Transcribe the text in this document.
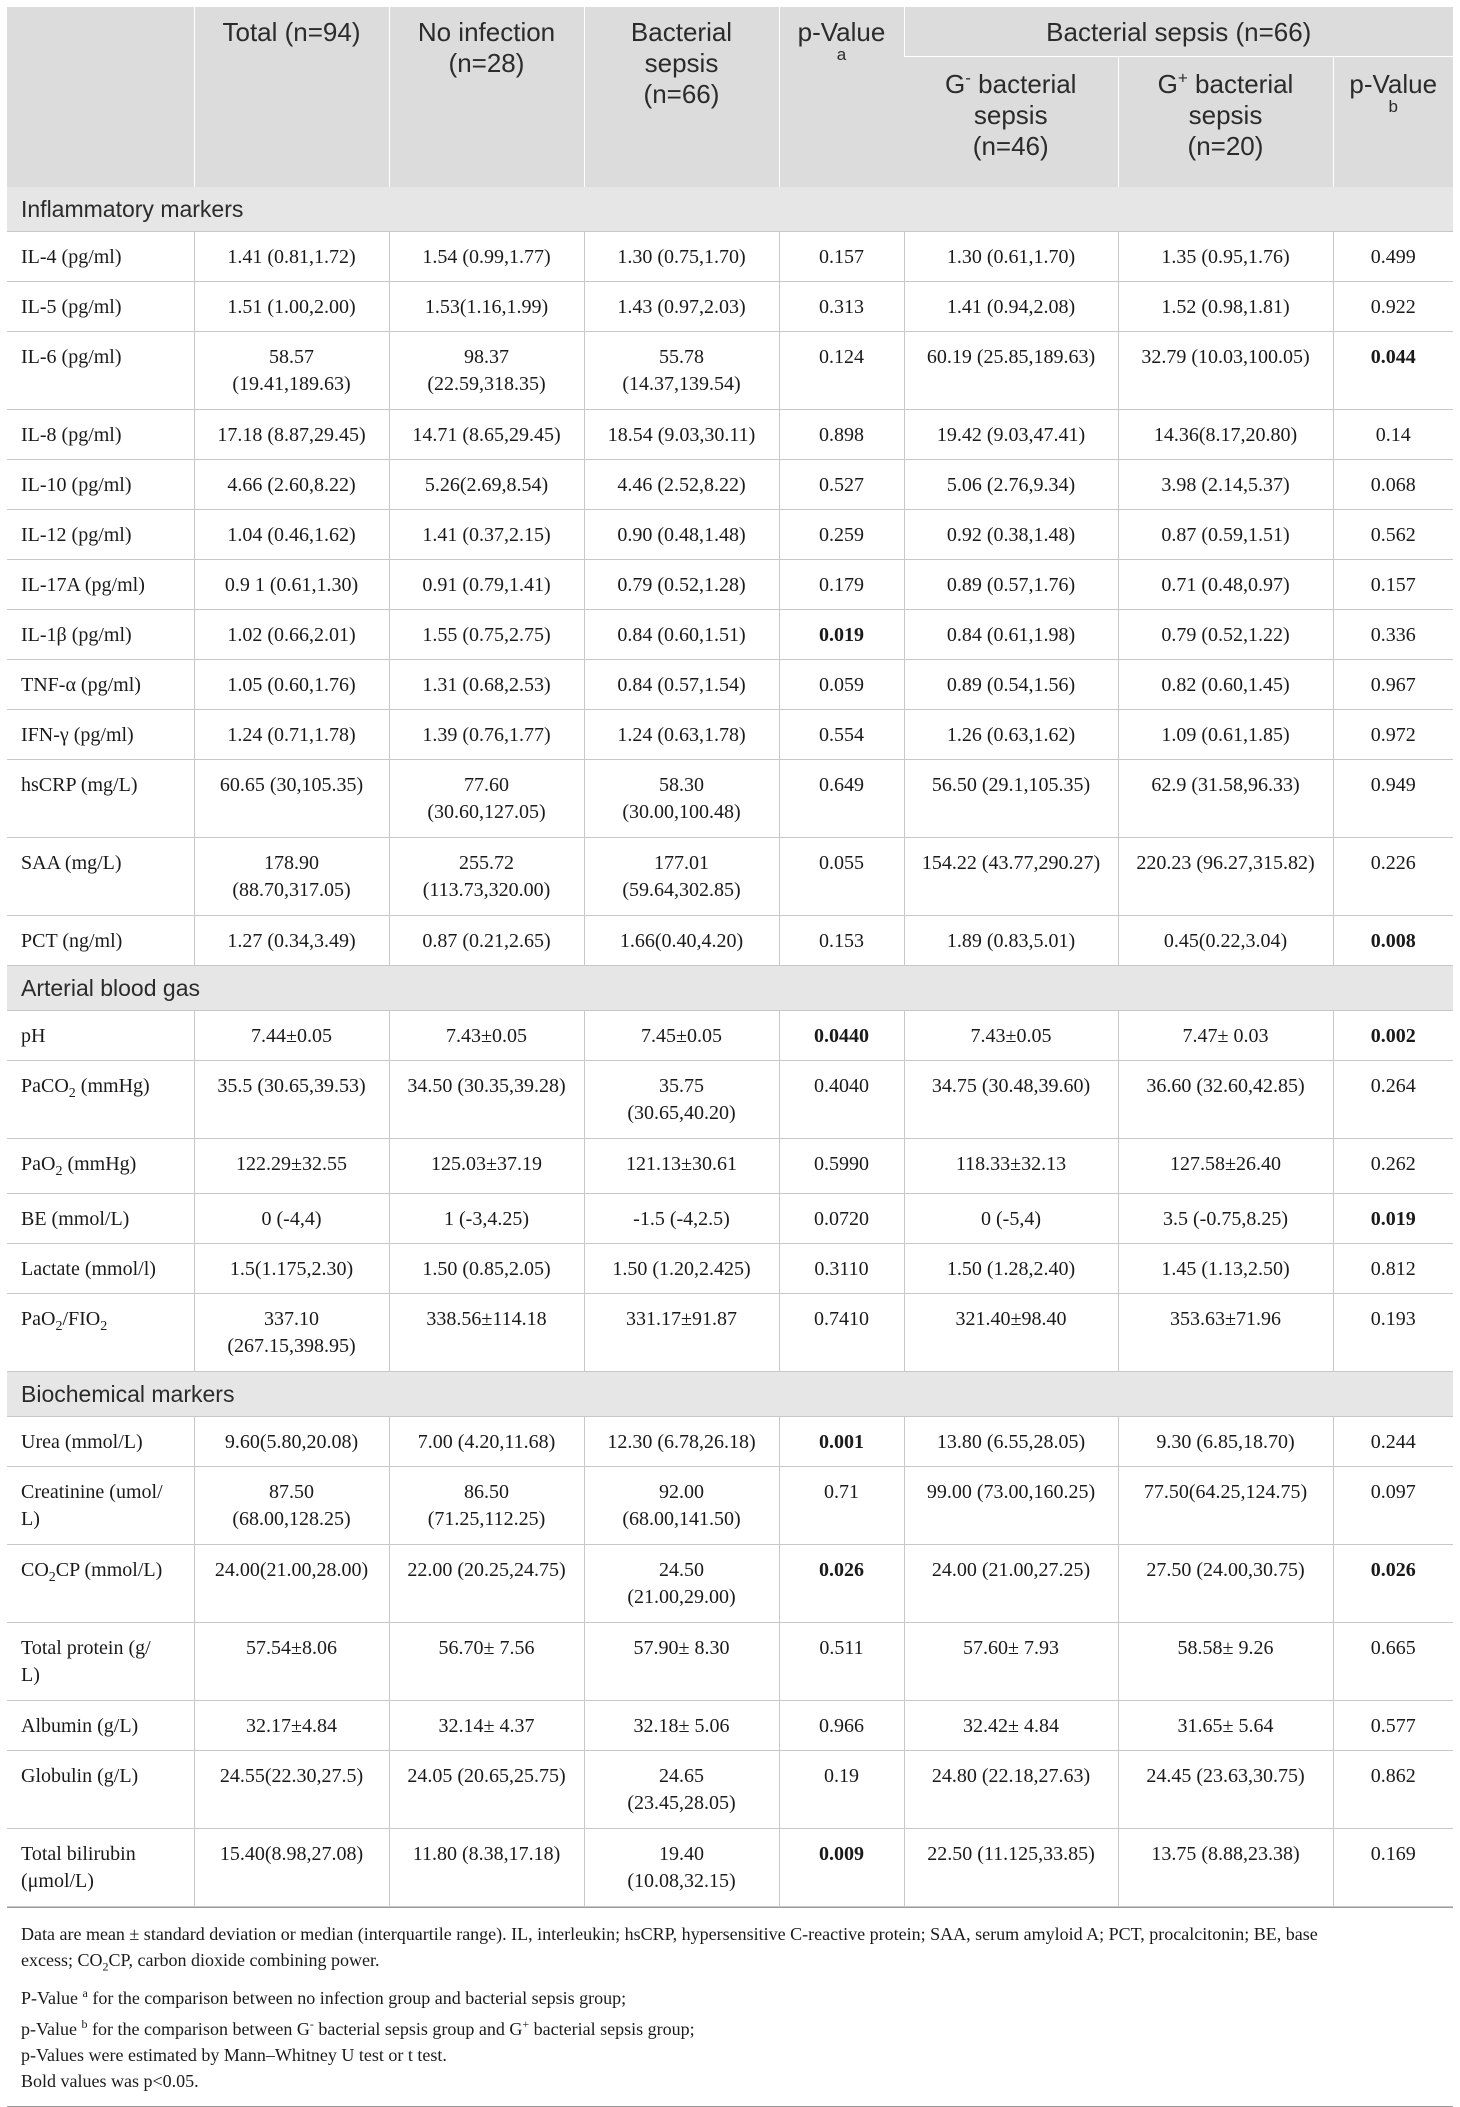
	Total (n=94)	No infection
(n=28)	Bacterial
sepsis
(n=66)	p-Value
a	Bacterial sepsis (n=66)		

					G- bacterial
sepsis
(n=46)	G+ bacterial
sepsis
(n=20)	p-Value
b

Inflammatory markers							
IL-4 (pg/ml)	1.41 (0.81,1.72)	1.54 (0.99,1.77)	1.30 (0.75,1.70)	0.157	1.30 (0.61,1.70)	1.35 (0.95,1.76)	0.499
IL-5 (pg/ml)	1.51 (1.00,2.00)	1.53(1.16,1.99)	1.43 (0.97,2.03)	0.313	1.41 (0.94,2.08)	1.52 (0.98,1.81)	0.922
IL-6 (pg/ml)	58.57
(19.41,189.63)	98.37
(22.59,318.35)	55.78
(14.37,139.54)	0.124	60.19 (25.85,189.63)	32.79 (10.03,100.05)	0.044
IL-8 (pg/ml)	17.18 (8.87,29.45)	14.71 (8.65,29.45)	18.54 (9.03,30.11)	0.898	19.42 (9.03,47.41)	14.36(8.17,20.80)	0.14
IL-10 (pg/ml)	4.66 (2.60,8.22)	5.26(2.69,8.54)	4.46 (2.52,8.22)	0.527	5.06 (2.76,9.34)	3.98 (2.14,5.37)	0.068
IL-12 (pg/ml)	1.04 (0.46,1.62)	1.41 (0.37,2.15)	0.90 (0.48,1.48)	0.259	0.92 (0.38,1.48)	0.87 (0.59,1.51)	0.562
IL-17A (pg/ml)	0.9 1 (0.61,1.30)	0.91 (0.79,1.41)	0.79 (0.52,1.28)	0.179	0.89 (0.57,1.76)	0.71 (0.48,0.97)	0.157
IL-1β (pg/ml)	1.02 (0.66,2.01)	1.55 (0.75,2.75)	0.84 (0.60,1.51)	0.019	0.84 (0.61,1.98)	0.79 (0.52,1.22)	0.336
TNF-α (pg/ml)	1.05 (0.60,1.76)	1.31 (0.68,2.53)	0.84 (0.57,1.54)	0.059	0.89 (0.54,1.56)	0.82 (0.60,1.45)	0.967
IFN-γ (pg/ml)	1.24 (0.71,1.78)	1.39 (0.76,1.77)	1.24 (0.63,1.78)	0.554	1.26 (0.63,1.62)	1.09 (0.61,1.85)	0.972
hsCRP (mg/L)	60.65 (30,105.35)	77.60
(30.60,127.05)	58.30
(30.00,100.48)	0.649	56.50 (29.1,105.35)	62.9 (31.58,96.33)	0.949
SAA (mg/L)	178.90
(88.70,317.05)	255.72
(113.73,320.00)	177.01
(59.64,302.85)	0.055	154.22 (43.77,290.27)	220.23 (96.27,315.82)	0.226
PCT (ng/ml)	1.27 (0.34,3.49)	0.87 (0.21,2.65)	1.66(0.40,4.20)	0.153	1.89 (0.83,5.01)	0.45(0.22,3.04)	0.008
Arterial blood gas							
pH	7.44±0.05	7.43±0.05	7.45±0.05	0.0440	7.43±0.05	7.47± 0.03	0.002
PaCO$_2$ (mmHg)	35.5 (30.65,39.53)	34.50 (30.35,39.28)	35.75
(30.65,40.20)	0.4040	34.75 (30.48,39.60)	36.60 (32.60,42.85)	0.264
PaO$_2$ (mmHg)	122.29±32.55	125.03±37.19	121.13±30.61	0.5990	118.33±32.13	127.58±26.40	0.262
BE (mmol/L)	0 (-4,4)	1 (-3,4.25)	-1.5 (-4,2.5)	0.0720	0 (-5,4)	3.5 (-0.75,8.25)	0.019
Lactate (mmol/l)	1.5(1.175,2.30)	1.50 (0.85,2.05)	1.50 (1.20,2.425)	0.3110	1.50 (1.28,2.40)	1.45 (1.13,2.50)	0.812
$PaO_2/FIO_2$	337.10
(267.15,398.95)	338.56±114.18	331.17±91.87	0.7410	321.40±98.40	353.63±71.96	0.193
Biochemical markers							
Urea (mmol/L)	9.60(5.80,20.08)	7.00 (4.20,11.68)	12.30 (6.78,26.18)	0.001	13.80 (6.55,28.05)	9.30 (6.85,18.70)	0.244

Creatinine (umol/
L)	87.50
(68.00,128.25)	86.50
(71.25,112.25)	92.00
(68.00,141.50)	0.71	99.00 (73.00,160.25)	77.50(64.25,124.75)	0.097
$CO_2CP$ (mmol/L)	24.00(21.00,28.00)	22.00 (20.25,24.75)	24.50
(21.00,29.00)	0.026	24.00 (21.00,27.25)	27.50 (24.00,30.75)	0.026

Total protein (g/
L)	57.54±8.06	56.70± 7.56	57.90± 8.30	0.511	57.60± 7.93	58.58± 9.26	0.665
Albumin (g/L)	32.17±4.84	32.14± 4.37	32.18± 5.06	0.966	32.42± 4.84	31.65± 5.64	0.577
Globulin (g/L)	24.55(22.30,27.5)	24.05 (20.65,25.75)	24.65
(23.45,28.05)	0.19	24.80 (22.18,27.63)	24.45 (23.63,30.75)	0.862

Total bilirubin
(μmol/L)	15.40(8.98,27.08)	11.80 (8.38,17.18)	19.40
(10.08,32.15)	0.009	22.50 (11.125,33.85)	13.75 (8.88,23.38)	0.169
Data are mean ± standard deviation or median (interquartile range). IL, interleukin; hsCRP, hypersensitive C-reactive protein; SAA, serum amyloid A; PCT, procalcitonin; BE, base
excess; $CO_2CP$, carbon dioxide combining power.
P-Value $^a$ for the comparison between no infection group and bacterial sepsis group;
p-Value $^b$ for the comparison between G- bacterial sepsis group and G+ bacterial sepsis group;
p-Values were estimated by Mann–Whitney U test or t test.
Bold values was p<0.05.
